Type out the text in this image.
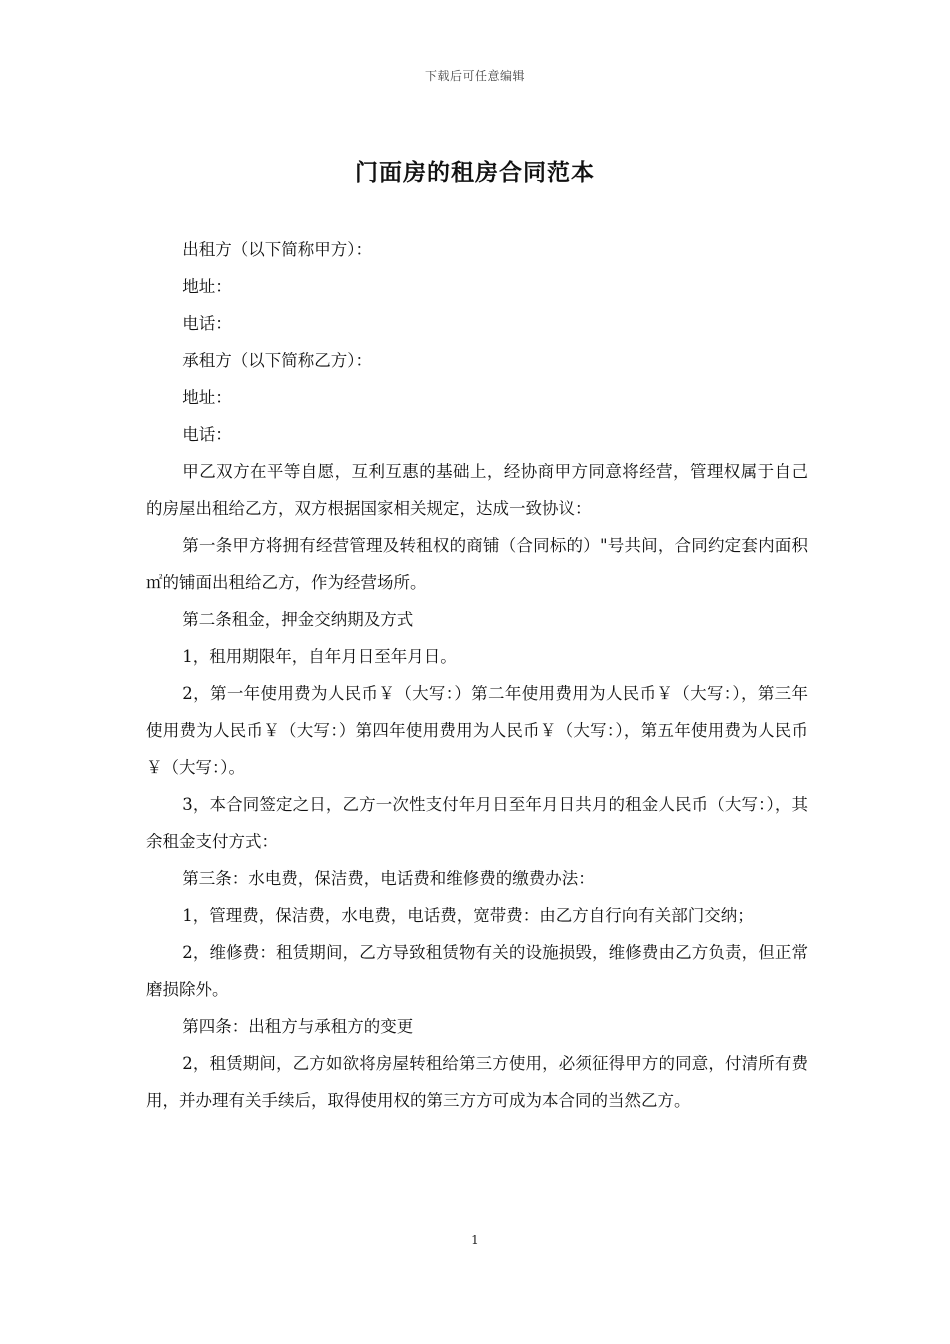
下载后可任意编辑
门面房的租房合同范本

出租方（以下简称甲方）：

地址：

电话：

承租方（以下简称乙方）：

地址：

电话：

甲乙双方在平等自愿，互利互惠的基础上，经协商甲方同意将经营，管理权属于自己的房屋出租给乙方，双方根据国家相关规定，达成一致协议：

第一条甲方将拥有经营管理及转租权的商铺（合同标的）"号共间，合同约定套内面积㎡的铺面出租给乙方，作为经营场所。

第二条租金，押金交纳期及方式

1，租用期限年，自年月日至年月日。

2，第一年使用费为人民币￥（大写：）第二年使用费用为人民币￥（大写：），第三年使用费为人民币￥（大写：）第四年使用费用为人民币￥（大写：），第五年使用费为人民币￥（大写：）。

3，本合同签定之日，乙方一次性支付年月日至年月日共月的租金人民币（大写：），其余租金支付方式：

第三条：水电费，保洁费，电话费和维修费的缴费办法：

1，管理费，保洁费，水电费，电话费，宽带费：由乙方自行向有关部门交纳；

2，维修费：租赁期间，乙方导致租赁物有关的设施损毁，维修费由乙方负责，但正常磨损除外。

第四条：出租方与承租方的变更

2，租赁期间，乙方如欲将房屋转租给第三方使用，必须征得甲方的同意，付清所有费用，并办理有关手续后，取得使用权的第三方方可成为本合同的当然乙方。

1
